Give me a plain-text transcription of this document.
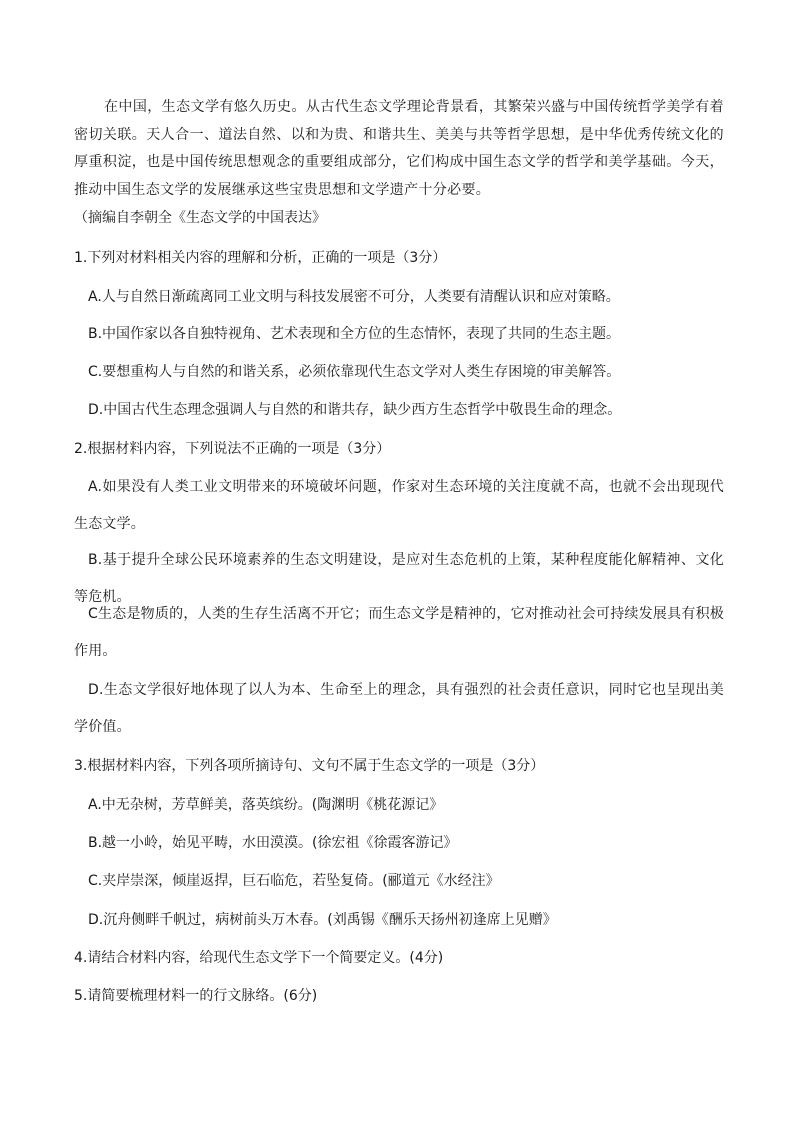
在中国，生态文学有悠久历史。从古代生态文学理论背景看，其繁荣兴盛与中国传统哲学美学有着密切关联。天人合一、道法自然、以和为贵、和谐共生、美美与共等哲学思想，是中华优秀传统文化的厚重积淀，也是中国传统思想观念的重要组成部分，它们构成中国生态文学的哲学和美学基础。今天，推动中国生态文学的发展继承这些宝贵思想和文学遗产十分必要。

（摘编自李朝全《生态文学的中国表达》

1.下列对材料相关内容的理解和分析，正确的一项是（3分）

A.人与自然日渐疏离同工业文明与科技发展密不可分，人类要有清醒认识和应对策略。

B.中国作家以各自独特视角、艺术表现和全方位的生态情怀，表现了共同的生态主题。

C.要想重构人与自然的和谐关系，必须依靠现代生态文学对人类生存困境的审美解答。

D.中国古代生态理念强调人与自然的和谐共存，缺少西方生态哲学中敬畏生命的理念。

2.根据材料内容，下列说法不正确的一项是（3分）

A.如果没有人类工业文明带来的环境破坏问题，作家对生态环境的关注度就不高，也就不会出现现代生态文学。

B.基于提升全球公民环境素养的生态文明建设，是应对生态危机的上策，某种程度能化解精神、文化等危机。

C生态是物质的，人类的生存生活离不开它；而生态文学是精神的，它对推动社会可持续发展具有积极作用。

D.生态文学很好地体现了以人为本、生命至上的理念，具有强烈的社会责任意识，同时它也呈现出美学价值。

3.根据材料内容，下列各项所摘诗句、文句不属于生态文学的一项是（3分）

A.中无杂树，芳草鲜美，落英缤纷。(陶渊明《桃花源记》

B.越一小岭，始见平畴，水田漠漠。(徐宏祖《徐霞客游记》

C.夹岸崇深，倾崖返捍，巨石临危，若坠复倚。(郦道元《水经注》

D.沉舟侧畔千帆过，病树前头万木春。(刘禹锡《酬乐天扬州初逢席上见赠》

4.请结合材料内容，给现代生态文学下一个简要定义。(4分)

5.请简要梳理材料一的行文脉络。(6分)
